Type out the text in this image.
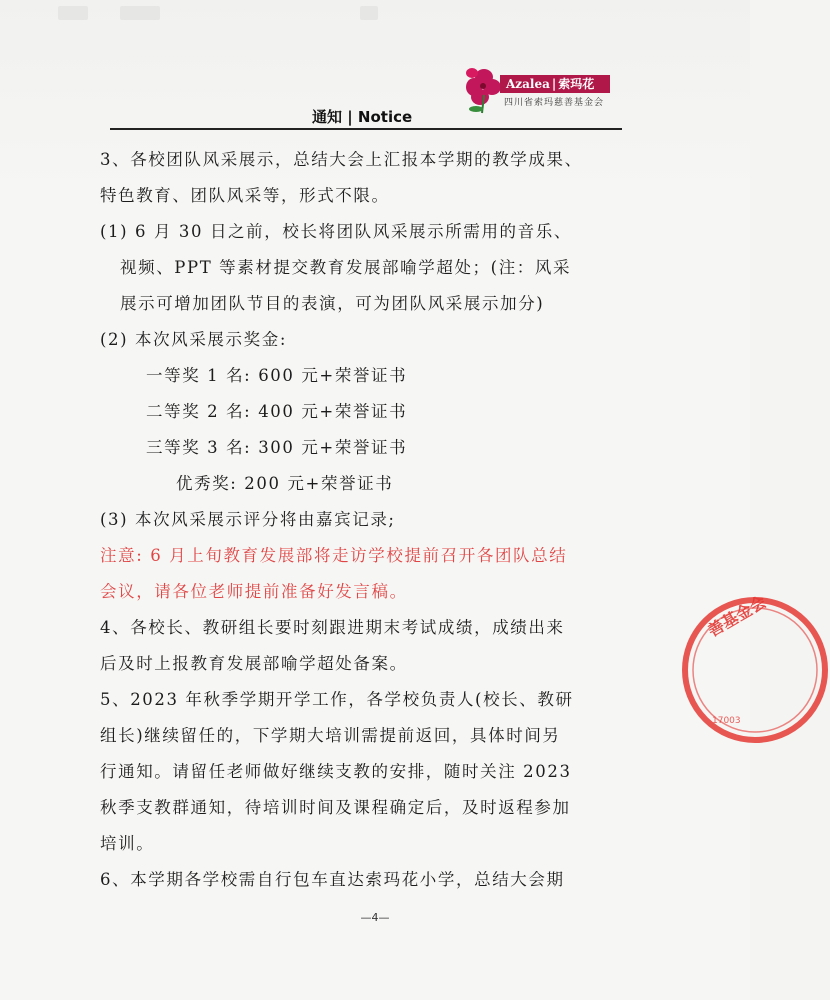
Azalea | 索玛花
四川省索玛慈善基金会
通知 | Notice
3、各校团队风采展示，总结大会上汇报本学期的教学成果、
特色教育、团队风采等，形式不限。
(1) 6 月 30 日之前，校长将团队风采展示所需用的音乐、
视频、PPT 等素材提交教育发展部喻学超处；(注：风采
展示可增加团队节目的表演，可为团队风采展示加分)
(2) 本次风采展示奖金:
一等奖 1 名: 600 元+荣誉证书
二等奖 2 名: 400 元+荣誉证书
三等奖 3 名: 300 元+荣誉证书
优秀奖: 200 元+荣誉证书
(3) 本次风采展示评分将由嘉宾记录;
注意: 6 月上旬教育发展部将走访学校提前召开各团队总结
会议，请各位老师提前准备好发言稿。
4、各校长、教研组长要时刻跟进期末考试成绩，成绩出来
后及时上报教育发展部喻学超处备案。
5、2023 年秋季学期开学工作，各学校负责人(校长、教研
组长)继续留任的，下学期大培训需提前返回，具体时间另
行通知。请留任老师做好继续支教的安排，随时关注 2023
秋季支教群通知，待培训时间及课程确定后，及时返程参加
培训。
6、本学期各学校需自行包车直达索玛花小学，总结大会期
—4—
善基金会
17003
